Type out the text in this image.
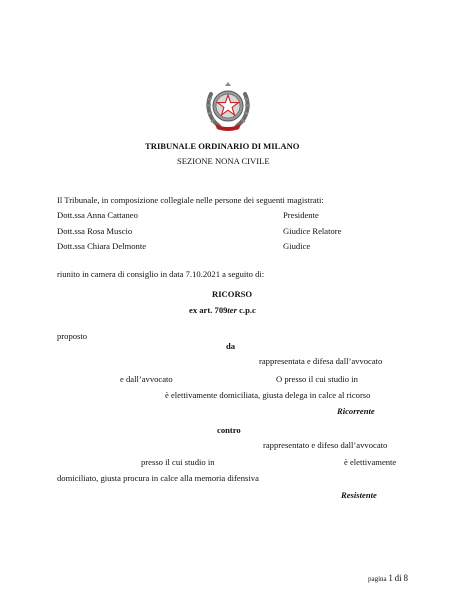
TRIBUNALE ORDINARIO DI MILANO
SEZIONE NONA CIVILE
Il Tribunale, in composizione collegiale nelle persone dei seguenti magistrati:
Dott.ssa Anna Cattaneo	Presidente
Dott.ssa Rosa Muscio	Giudice Relatore
Dott.ssa Chiara Delmonte	Giudice
riunito in camera di consiglio in data 7.10.2021 a seguito di:
RICORSO
ex art. 709ter c.p.c
proposto
da
rappresentata e difesa dall’avvocato
e dall’avvocato	O presso il cui studio in
è elettivamente domiciliata, giusta delega in calce al ricorso
Ricorrente
contro
rappresentato e difeso dall’avvocato
presso il cui studio in	è elettivamente
domiciliato, giusta procura in calce alla memoria difensiva
Resistente
pagina 1 di 8
